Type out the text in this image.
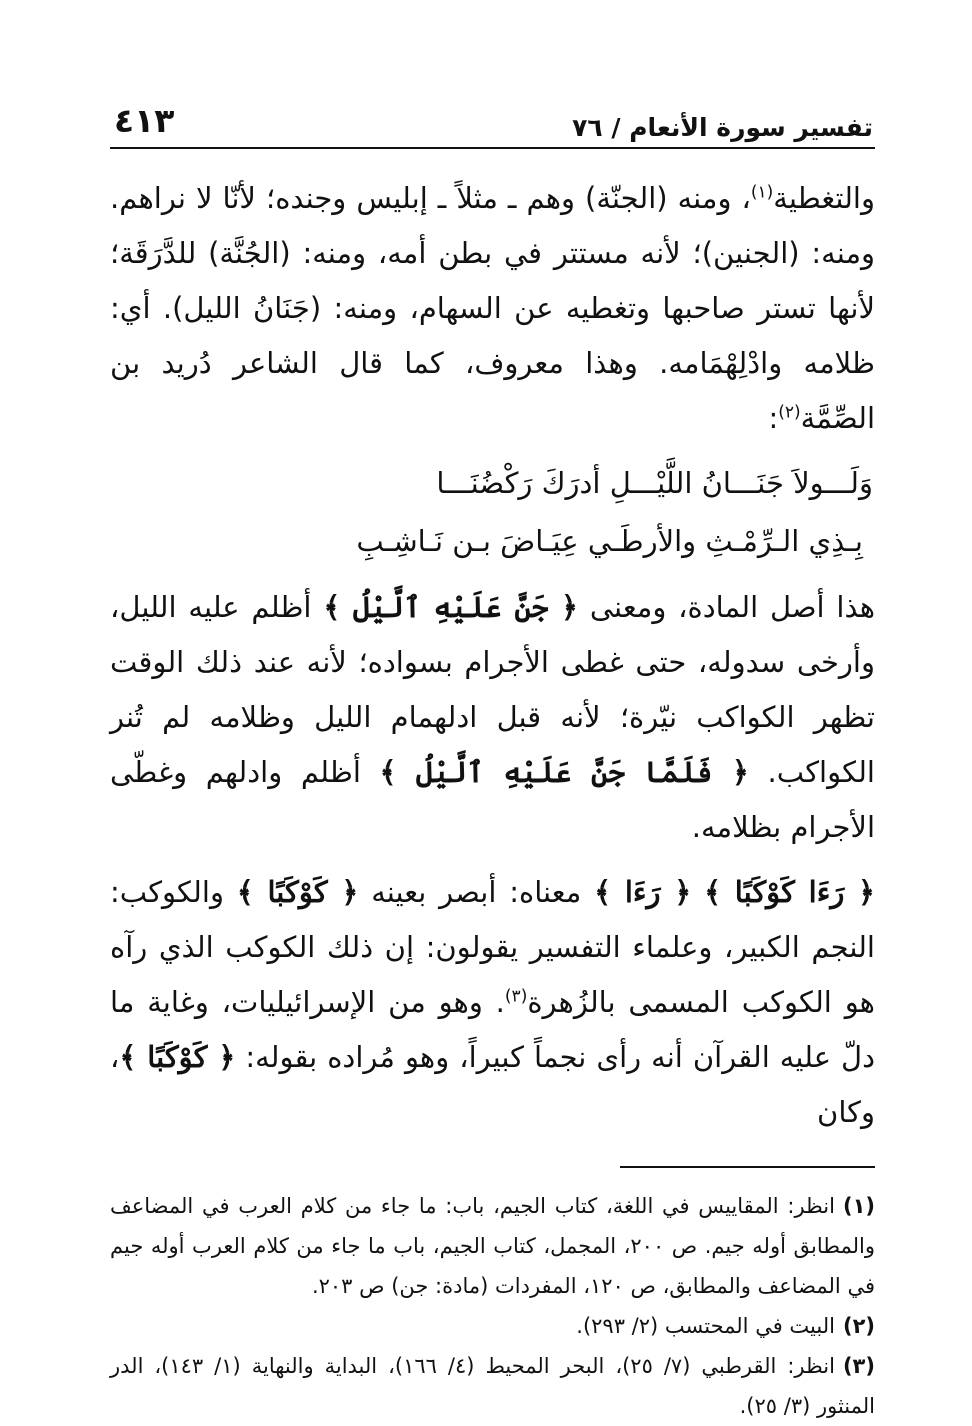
تفسير سورة الأنعام / ٧٦
٤١٣

والتغطية$^{(١)}$، ومنه (الجنّة) وهم ـ مثلاً ـ إبليس وجنده؛ لأنّا لا نراهم. ومنه: (الجنين)؛ لأنه مستتر في بطن أمه، ومنه: (الجُنَّة) للدَّرَقَة؛ لأنها تستر صاحبها وتغطيه عن السهام، ومنه: (جَنَانُ الليل). أي: ظلامه وادْلِهْمَامه. وهذا معروف، كما قال الشاعر دُريد بن الصِّمَّة$^{(٢)}$:

وَلَـــولاَ جَنَـــانُ اللَّيْـــلِ أدرَكَ رَكْضُنَـــا
بِـذِي الـرِّمْـثِ والأرطَـي عِيَـاضَ بـن نَـاشِـبِ

هذا أصل المادة، ومعنى ﴿ جَنَّ عَلَيْهِ ٱلَّيْلُ ﴾ أظلم عليه الليل، وأرخى سدوله، حتى غطى الأجرام بسواده؛ لأنه عند ذلك الوقت تظهر الكواكب نيّرة؛ لأنه قبل ادلهمام الليل وظلامه لم تُنر الكواكب. ﴿ فَلَمَّا جَنَّ عَلَيْهِ ٱلَّيْلُ ﴾ أظلم وادلهم وغطّى الأجرام بظلامه.

﴿ رَءَا كَوْكَبًا ﴾ ﴿ رَءَا ﴾ معناه: أبصر بعينه ﴿ كَوْكَبًا ﴾ والكوكب: النجم الكبير، وعلماء التفسير يقولون: إن ذلك الكوكب الذي رآه هو الكوكب المسمى بالزُهرة$^{(٣)}$. وهو من الإسرائيليات، وغاية ما دلّ عليه القرآن أنه رأى نجماً كبيراً، وهو مُراده بقوله: ﴿ كَوْكَبًا ﴾، وكان

(١)انظر: المقاييس في اللغة، كتاب الجيم، باب: ما جاء من كلام العرب في المضاعف والمطابق أوله جيم. ص ٢٠٠، المجمل، كتاب الجيم، باب ما جاء من كلام العرب أوله جيم في المضاعف والمطابق، ص ١٢٠، المفردات (مادة: جن) ص ٢٠٣.

(٢)البيت في المحتسب (٢/ ٢٩٣).

(٣)انظر: القرطبي (٧/ ٢٥)، البحر المحيط (٤/ ١٦٦)، البداية والنهاية (١/ ١٤٣)، الدر المنثور (٣/ ٢٥).
